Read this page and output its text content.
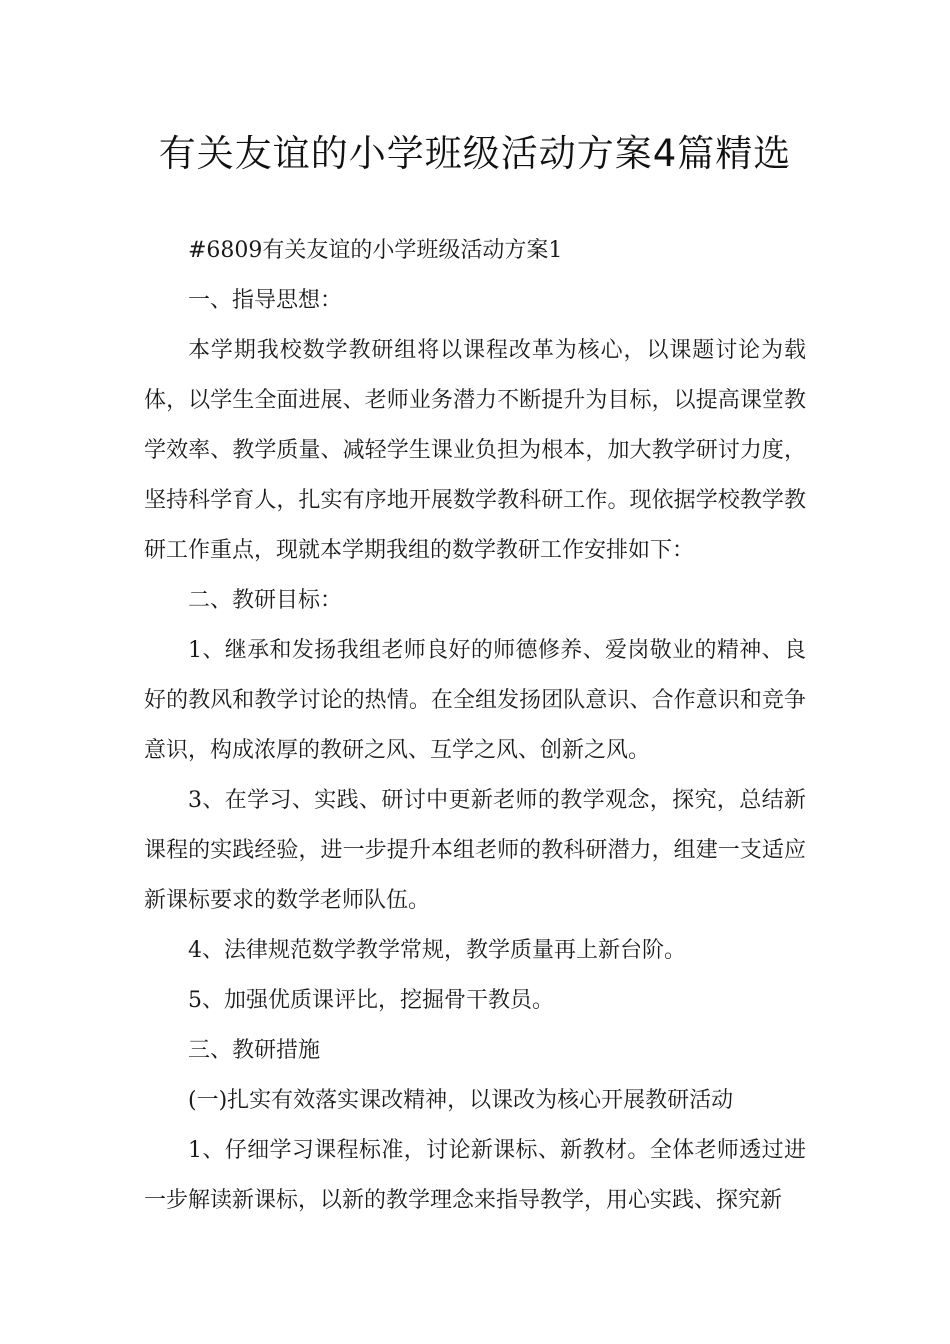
有关友谊的小学班级活动方案4篇精选

#6809有关友谊的小学班级活动方案1

一、指导思想：

本学期我校数学教研组将以课程改革为核心，以课题讨论为载体，以学生全面进展、老师业务潜力不断提升为目标，以提高课堂教学效率、教学质量、减轻学生课业负担为根本，加大教学研讨力度，坚持科学育人，扎实有序地开展数学教科研工作。现依据学校教学教研工作重点，现就本学期我组的数学教研工作安排如下：

二、教研目标：

1、继承和发扬我组老师良好的师德修养、爱岗敬业的精神、良好的教风和教学讨论的热情。在全组发扬团队意识、合作意识和竞争意识，构成浓厚的教研之风、互学之风、创新之风。

3、在学习、实践、研讨中更新老师的教学观念，探究，总结新课程的实践经验，进一步提升本组老师的教科研潜力，组建一支适应新课标要求的数学老师队伍。

4、法律规范数学教学常规，教学质量再上新台阶。

5、加强优质课评比，挖掘骨干教员。

三、教研措施

(一)扎实有效落实课改精神，以课改为核心开展教研活动

1、仔细学习课程标准，讨论新课标、新教材。全体老师透过进一步解读新课标，以新的教学理念来指导教学，用心实践、探究新
